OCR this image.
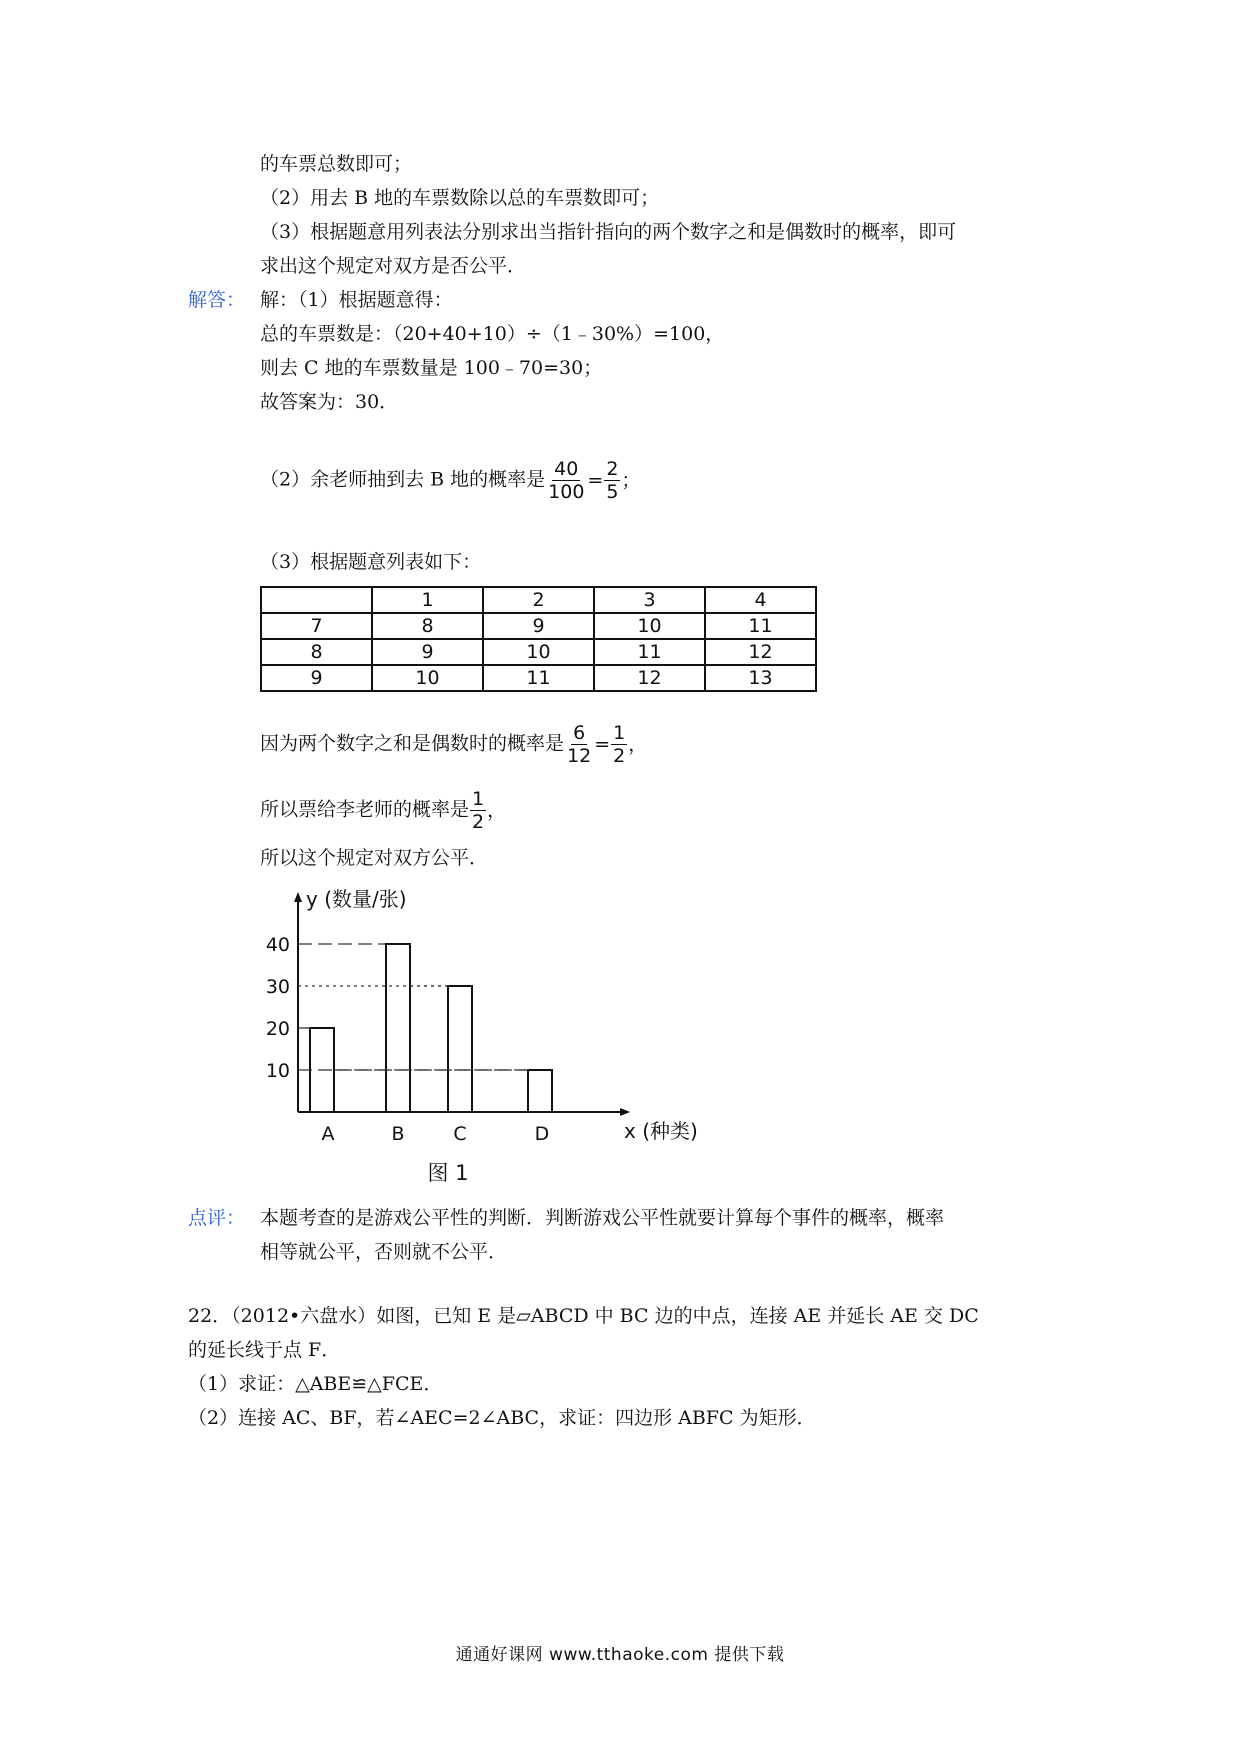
的车票总数即可；
（2）用去 B 地的车票数除以总的车票数即可；
（3）根据题意用列表法分别求出当指针指向的两个数字之和是偶数时的概率，即可
求出这个规定对双方是否公平．
解答： 解：（1）根据题意得：
总的车票数是：（20+40+10）÷（1﹣30%）=100，
则去 C 地的车票数量是 100﹣70=30；
故答案为：30．
（2）余老师抽到去 B 地的概率是 $\frac{40}{100} = \frac{2}{5}$ ；
（3）根据题意列表如下：
	1	2	3	4
7	8	9	10	11
8	9	10	11	12
9	10	11	12	13
因为两个数字之和是偶数时的概率是 $\frac{6}{12} = \frac{1}{2}$ ，
所以票给李老师的概率是 $\frac{1}{2}$ ，
所以这个规定对双方公平．
A	B	C	D
10
20
30
40
y (数量/张)
x (种类)
图 1
点评： 本题考查的是游戏公平性的判断．判断游戏公平性就要计算每个事件的概率，概率
相等就公平，否则就不公平．
22．（2012•六盘水）如图，已知 E 是▱ABCD 中 BC 边的中点，连接 AE 并延长 AE 交 DC
的延长线于点 F．
（1）求证：△ABE≌△FCE．
（2）连接 AC、BF，若∠AEC=2∠ABC，求证：四边形 ABFC 为矩形．
通通好课网 www.tthaoke.com 提供下载
